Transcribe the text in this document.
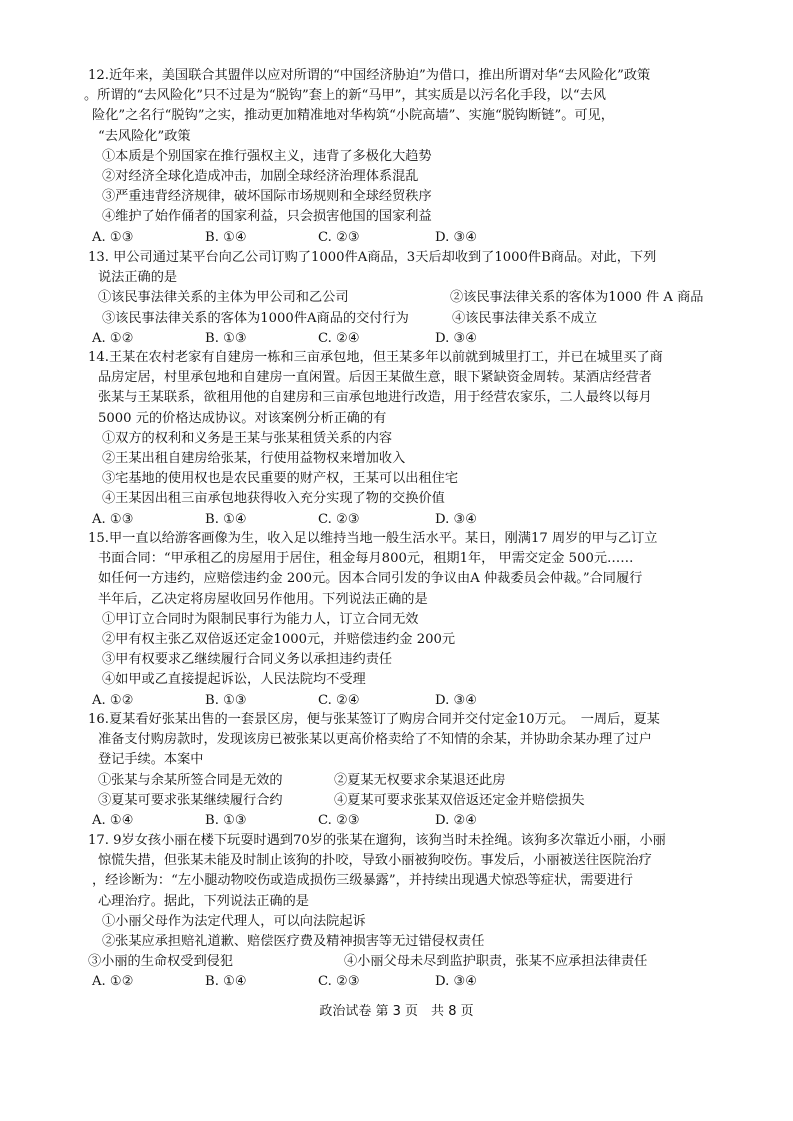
12.近年来，美国联合其盟伴以应对所谓的“中国经济胁迫”为借口，推出所谓对华“去风险化”政策
。所谓的“去风险化”只不过是为“脱钩”套上的新“马甲”，其实质是以污名化手段，以“去风
险化”之名行“脱钩”之实，推动更加精准地对华构筑“小院高墙”、实施“脱钩断链”。可见，
“去风险化”政策
①本质是个别国家在推行强权主义，违背了多极化大趋势
②对经济全球化造成冲击，加剧全球经济治理体系混乱
③严重违背经济规律，破坏国际市场规则和全球经贸秩序
④维护了始作俑者的国家利益，只会损害他国的国家利益
A. ①③	B. ①④	C. ②③	D. ③④
13. 甲公司通过某平台向乙公司订购了1000件A商品，3天后却收到了1000件B商品。对此，下列
说法正确的是
①该民事法律关系的主体为甲公司和乙公司	②该民事法律关系的客体为1000 件 A 商品
③该民事法律关系的客体为1000件A商品的交付行为	④该民事法律关系不成立
A. ①②	B. ①③	C. ②④	D. ③④
14.王某在农村老家有自建房一栋和三亩承包地，但王某多年以前就到城里打工，并已在城里买了商
品房定居，村里承包地和自建房一直闲置。后因王某做生意，眼下紧缺资金周转。某酒店经营者
张某与王某联系，欲租用他的自建房和三亩承包地进行改造，用于经营农家乐，二人最终以每月
5000 元的价格达成协议。对该案例分析正确的有
①双方的权利和义务是王某与张某租赁关系的内容
②王某出租自建房给张某，行使用益物权来增加收入
③宅基地的使用权也是农民重要的财产权，王某可以出租住宅
④王某因出租三亩承包地获得收入充分实现了物的交换价值
A. ①③	B. ①④	C. ②③	D. ③④
15.甲一直以给游客画像为生，收入足以维持当地一般生活水平。某日，刚满17 周岁的甲与乙订立
书面合同：“甲承租乙的房屋用于居住，租金每月800元，租期1年， 甲需交定金 500元……
如任何一方违约，应赔偿违约金 200元。因本合同引发的争议由A 仲裁委员会仲裁。”合同履行
半年后，乙决定将房屋收回另作他用。下列说法正确的是
①甲订立合同时为限制民事行为能力人，订立合同无效
②甲有权主张乙双倍返还定金1000元，并赔偿违约金 200元
③甲有权要求乙继续履行合同义务以承担违约责任
④如甲或乙直接提起诉讼，人民法院均不受理
A. ①②	B. ①③	C. ②④	D. ③④
16.夏某看好张某出售的一套景区房，便与张某签订了购房合同并交付定金10万元。　一周后，夏某
准备支付购房款时，发现该房已被张某以更高价格卖给了不知情的余某，并协助余某办理了过户
登记手续。本案中
①张某与余某所签合同是无效的	②夏某无权要求余某退还此房
③夏某可要求张某继续履行合约	④夏某可要求张某双倍返还定金并赔偿损失
A. ①④	B. ①③	C. ②③	D. ②④
17. 9岁女孩小丽在楼下玩耍时遇到70岁的张某在遛狗，该狗当时未拴绳。该狗多次靠近小丽，小丽
惊慌失措，但张某未能及时制止该狗的扑咬，导致小丽被狗咬伤。事发后，小丽被送往医院治疗
，经诊断为：“左小腿动物咬伤或造成损伤三级暴露”，并持续出现遇犬惊恐等症状，需要进行
心理治疗。据此，下列说法正确的是
①小丽父母作为法定代理人，可以向法院起诉
②张某应承担赔礼道歉、赔偿医疗费及精神损害等无过错侵权责任
③小丽的生命权受到侵犯	④小丽父母未尽到监护职责，张某不应承担法律责任
A. ①②	B. ①④	C. ②③	D. ③④
政治试卷 第 3 页　共 8 页
